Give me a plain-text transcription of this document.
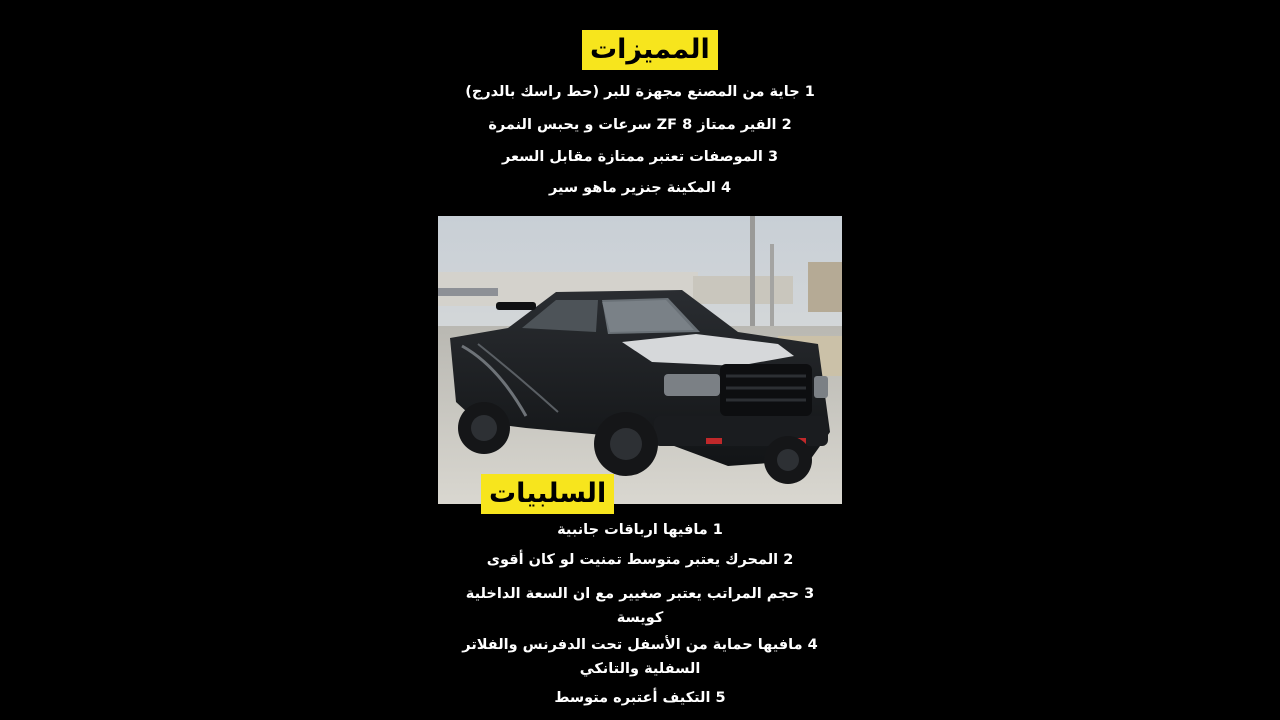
المميزات
1 جاية من المصنع مجهزة للبر (حط راسك بالدرج)
2 القير ممتاز ZF 8 سرعات و يحبس النمرة
3 الموصفات تعتبر ممتازة مقابل السعر
4 المكينة جنزير ماهو سير
السلبيات
1 مافيها ارباقات جانبية
2 المحرك يعتبر متوسط تمنيت لو كان أقوى
3 حجم المراتب يعتبر صغيير مع ان السعة الداخلية
كويسة
4 مافيها حماية من الأسفل تحت الدفرنس والفلاتر
السفلية والتانكي
5 التكيف أعتبره متوسط
